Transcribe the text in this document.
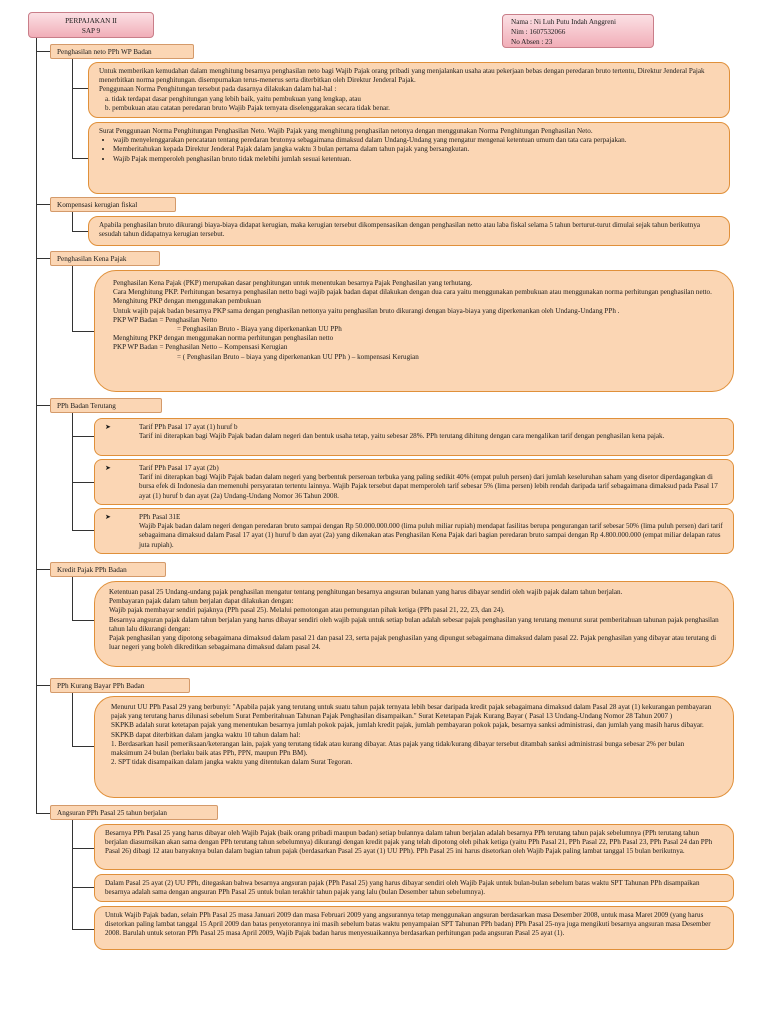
PERPAJAKAN II
SAP 9
Nama : Ni Luh Putu Indah Anggreni
Nim : 1607532066
No Absen : 23
Penghasilan neto PPh WP Badan

Untuk memberikan kemudahan dalam menghitung besarnya penghasilan neto bagi Wajib Pajak orang pribadi yang menjalankan usaha atau pekerjaan bebas dengan peredaran bruto tertentu, Direktur Jenderal Pajak menerbitkan norma penghitungan. disempurnakan terus-menerus serta diterbitkan oleh Direktur Jenderal Pajak.

Penggunaan Norma Penghitungan tersebut pada dasarnya dilakukan dalam hal-hal :

a. tidak terdapat dasar penghitungan yang lebih baik, yaitu pembukuan yang lengkap, atau

b. pembukuan atau catatan peredaran bruto Wajib Pajak ternyata diselenggarakan secara tidak benar.

Surat Penggunaan Norma Penghitungan Penghasilan Neto. Wajib Pajak yang menghitung penghasilan netonya dengan menggunakan Norma Penghitungan Penghasilan Neto.

• wajib menyelenggarakan pencatatan tentang peredaran brutonya sebagaimana dimaksud dalam Undang-Undang yang mengatur mengenai ketentuan umum dan tata cara perpajakan.
• Memberitahukan kepada Direktur Jenderal Pajak dalam jangka waktu 3 bulan pertama dalam tahun pajak yang bersangkutan.
• Wajib Pajak memperoleh penghasilan bruto tidak melebihi jumlah sesuai ketentuan.
Kompensasi kerugian fiskal

Apabila penghasilan bruto dikurangi biaya-biaya didapat kerugian, maka kerugian tersebut dikompensasikan dengan penghasilan netto atau laba fiskal selama 5 tahun berturut-turut dimulai sejak tahun berikutnya sesudah tahun didapatnya kerugian tersebut.

Penghasilan Kena Pajak

Penghasilan Kena Pajak (PKP) merupakan dasar penghitungan untuk menentukan besarnya Pajak Penghasilan yang terhutang.

Cara Menghitung PKP. Perhitungan besarnya penghasilan netto bagi wajib pajak badan dapat dilakukan dengan dua cara yaitu menggunakan pembukuan atau menggunakan norma perhitungan penghasilan netto.

Menghitung PKP dengan menggunakan pembukuan

Untuk wajib pajak badan besarnya PKP sama dengan penghasilan nettonya yaitu penghasilan bruto dikurangi dengan biaya-biaya yang diperkenankan oleh Undang-Undang PPh .

PKP WP Badan = Penghasilan Netto

= Penghasilan Bruto - Biaya yang diperkenankan UU PPh

Menghitung PKP dengan menggunakan norma perhitungan penghasilan netto

PKP WP Badan = Penghasilan Netto – Kompensasi Kerugian

= ( Penghasilan Bruto – biaya yang diperkenankan UU PPh ) – kompensasi Kerugian

PPh Badan Terutang
➤	Tarif PPh Pasal 17 ayat (1) huruf b

Tarif ini diterapkan bagi Wajib Pajak badan dalam negeri dan bentuk usaha tetap, yaitu sebesar 28%. PPh terutang dihitung dengan cara mengalikan tarif dengan penghasilan kena pajak.

➤	Tarif PPh Pasal 17 ayat (2b)

Tarif ini diterapkan bagi Wajib Pajak badan dalam negeri yang berbentuk perseroan terbuka yang paling sedikit 40% (empat puluh persen) dari jumlah keseluruhan saham yang disetor diperdagangkan di bursa efek di Indonesia dan memenuhi persyaratan tertentu lainnya. Wajib Pajak tersebut dapat memperoleh tarif sebesar 5% (lima persen) lebih rendah daripada tarif sebagaimana dimaksud pada Pasal 17 ayat (1) huruf b dan ayat (2a) Undang-Undang Nomor 36 Tahun 2008.

➤	PPh Pasal 31E

Wajib Pajak badan dalam negeri dengan peredaran bruto sampai dengan Rp 50.000.000.000 (lima puluh miliar rupiah) mendapat fasilitas berupa pengurangan tarif sebesar 50% (lima puluh persen) dari tarif sebagaimana dimaksud dalam Pasal 17 ayat (1) huruf b dan ayat (2a) yang dikenakan atas Penghasilan Kena Pajak dari bagian peredaran bruto sampai dengan Rp 4.800.000.000 (empat miliar delapan ratus juta rupiah).

Kredit Pajak PPh Badan

Ketentuan pasal 25 Undang-undang pajak penghasilan mengatur tentang penghitungan besarnya angsuran bulanan yang harus dibayar sendiri oleh wajib pajak dalam tahun berjalan.

Pembayaran pajak dalam tahun berjalan dapat dilakukan dengan:

Wajib pajak membayar sendiri pajaknya (PPh pasal 25). Melalui pemotongan atau pemungutan pihak ketiga (PPh pasal 21, 22, 23, dan 24).

Besarnya angsuran pajak dalam tahun berjalan yang harus dibayar sendiri oleh wajib pajak untuk setiap bulan adalah sebesar pajak penghasilan yang terutang menurut surat pemberitahuan tahunan pajak penghasilan tahun lalu dikurangi dengan:

Pajak penghasilan yang dipotong sebagaimana dimaksud dalam pasal 21 dan pasal 23, serta pajak penghasilan yang dipungut sebagaimana dimaksud dalam pasal 22. Pajak penghasilan yang dibayar atau terutang di luar negeri yang boleh dikreditkan sebagaimana dimaksud dalam pasal 24.

PPh Kurang Bayar PPh Badan

Menurut UU PPh Pasal 29 yang berbunyi: "Apabila pajak yang terutang untuk suatu tahun pajak ternyata lebih besar daripada kredit pajak sebagaimana dimaksud dalam Pasal 28 ayat (1) kekurangan pembayaran pajak yang terutang harus dilunasi sebelum Surat Pemberitahuan Tahunan Pajak Penghasilan disampaikan." Surat Ketetapan Pajak Kurang Bayar ( Pasal 13 Undang-Undang Nomor 28 Tahun 2007 )

SKPKB adalah surat ketetapan pajak yang menentukan besarnya jumlah pokok pajak, jumlah kredit pajak, jumlah pembayaran pokok pajak, besarnya sanksi administrasi, dan jumlah yang masih harus dibayar.

SKPKB dapat diterbitkan dalam jangka waktu 10 tahun dalam hal:

1. Berdasarkan hasil pemeriksaan/keterangan lain, pajak yang terutang tidak atau kurang dibayar. Atas pajak yang tidak/kurang dibayar tersebut ditambah sanksi administrasi bunga sebesar 2% per bulan maksimum 24 bulan (berlaku baik atas PPh, PPN, maupun PPn BM).

2. SPT tidak disampaikan dalam jangka waktu yang ditentukan dalam Surat Tegoran.

Angsuran PPh Pasal 25 tahun berjalan

Besarnya PPh Pasal 25 yang harus dibayar oleh Wajib Pajak (baik orang pribadi maupun badan) setiap bulannya dalam tahun berjalan adalah besarnya PPh terutang tahun pajak sebelumnya (PPh terutang tahun berjalan diasumsikan akan sama dengan PPh terutang tahun sebelumnya) dikurangi dengan kredit pajak yang telah dipotong oleh pihak ketiga (yaitu PPh Pasal 21, PPh Pasal 22, PPh Pasal 23, PPh Pasal 24 dan PPh Pasal 26) dibagi 12 atau banyaknya bulan dalam bagian tahun pajak (berdasarkan Pasal 25 ayat (1) UU PPh). PPh Pasal 25 ini harus disetorkan oleh Wajib Pajak paling lambat tanggal 15 bulan berikutnya.

Dalam Pasal 25 ayat (2) UU PPh, ditegaskan bahwa besarnya angsuran pajak (PPh Pasal 25) yang harus dibayar sendiri oleh Wajib Pajak untuk bulan-bulan sebelum batas waktu SPT Tahunan PPh disampaikan besarnya adalah sama dengan angsuran PPh Pasal 25 untuk bulan terakhir tahun pajak yang lalu (bulan Desember tahun sebelumnya).

Untuk Wajib Pajak badan, selain PPh Pasal 25 masa Januari 2009 dan masa Februari 2009 yang angsurannya tetap menggunakan angsuran berdasarkan masa Desember 2008, untuk masa Maret 2009 (yang harus disetorkan paling lambat tanggal 15 April 2009 dan batas penyetorannya ini masih sebelum batas waktu penyampaian SPT Tahunan PPh badan) PPh Pasal 25-nya juga mengikuti besarnya angsuran masa Desember 2008. Barulah untuk setoran PPh Pasal 25 masa April 2009, Wajib Pajak badan harus menyesuaikannya berdasarkan perhitungan pada angsuran Pasal 25 ayat (1).
